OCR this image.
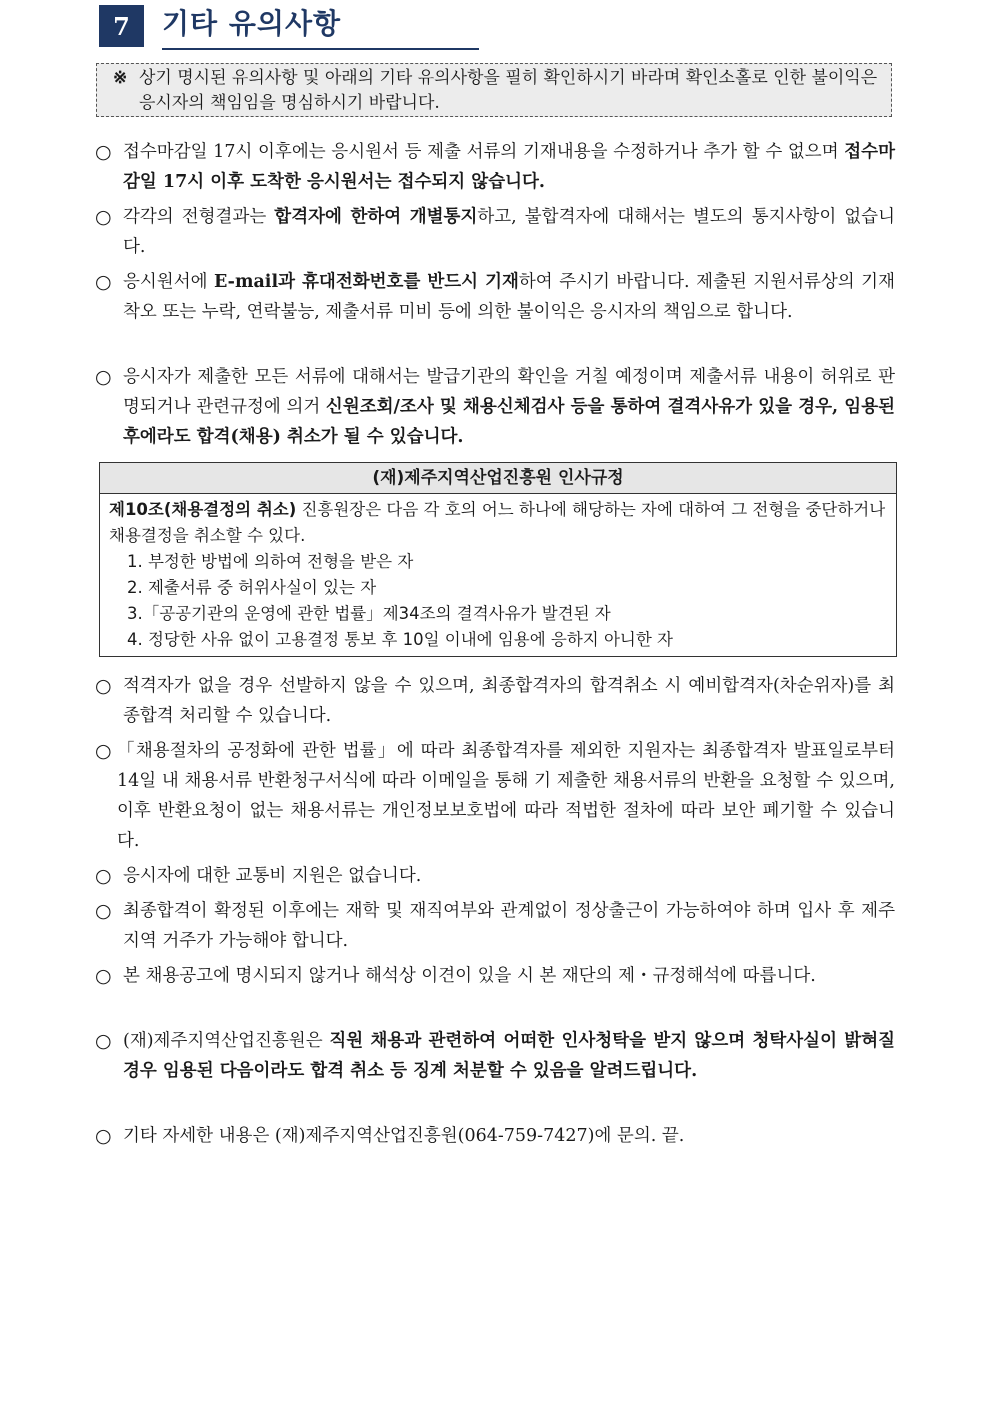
7	기타 유의사항
※ 상기 명시된 유의사항 및 아래의 기타 유의사항을 필히 확인하시기 바라며 확인소홀로 인한 불이익은 응시자의 책임임을 명심하시기 바랍니다.
○ 접수마감일 17시 이후에는 응시원서 등 제출 서류의 기재내용을 수정하거나 추가 할 수 없으며 접수마감일 17시 이후 도착한 응시원서는 접수되지 않습니다.
○ 각각의 전형결과는 합격자에 한하여 개별통지하고, 불합격자에 대해서는 별도의 통지사항이 없습니다.
○ 응시원서에 E-mail과 휴대전화번호를 반드시 기재하여 주시기 바랍니다. 제출된 지원서류상의 기재착오 또는 누락, 연락불능, 제출서류 미비 등에 의한 불이익은 응시자의 책임으로 합니다.
○ 응시자가 제출한 모든 서류에 대해서는 발급기관의 확인을 거칠 예정이며 제출서류 내용이 허위로 판명되거나 관련규정에 의거 신원조회/조사 및 채용신체검사 등을 통하여 결격사유가 있을 경우, 임용된 후에라도 합격(채용) 취소가 될 수 있습니다.
(재)제주지역산업진흥원 인사규정
제10조(채용결정의 취소) 진흥원장은 다음 각 호의 어느 하나에 해당하는 자에 대하여 그 전형을 중단하거나 채용결정을 취소할 수 있다.
1. 부정한 방법에 의하여 전형을 받은 자
2. 제출서류 중 허위사실이 있는 자
3.「공공기관의 운영에 관한 법률」제34조의 결격사유가 발견된 자
4. 정당한 사유 없이 고용결정 통보 후 10일 이내에 임용에 응하지 아니한 자
○ 적격자가 없을 경우 선발하지 않을 수 있으며, 최종합격자의 합격취소 시 예비합격자(차순위자)를 최종합격 처리할 수 있습니다.
○ 「채용절차의 공정화에 관한 법률」에 따라 최종합격자를 제외한 지원자는 최종합격자 발표일로부터 14일 내 채용서류 반환청구서식에 따라 이메일을 통해 기 제출한 채용서류의 반환을 요청할 수 있으며, 이후 반환요청이 없는 채용서류는 개인정보보호법에 따라 적법한 절차에 따라 보안 폐기할 수 있습니다.
○ 응시자에 대한 교통비 지원은 없습니다.
○ 최종합격이 확정된 이후에는 재학 및 재직여부와 관계없이 정상출근이 가능하여야 하며 입사 후 제주지역 거주가 가능해야 합니다.
○ 본 채용공고에 명시되지 않거나 해석상 이견이 있을 시 본 재단의 제・규정해석에 따릅니다.
○ (재)제주지역산업진흥원은 직원 채용과 관련하여 어떠한 인사청탁을 받지 않으며 청탁사실이 밝혀질 경우 임용된 다음이라도 합격 취소 등 징계 처분할 수 있음을 알려드립니다.
○ 기타 자세한 내용은 (재)제주지역산업진흥원(064-759-7427)에 문의. 끝.
